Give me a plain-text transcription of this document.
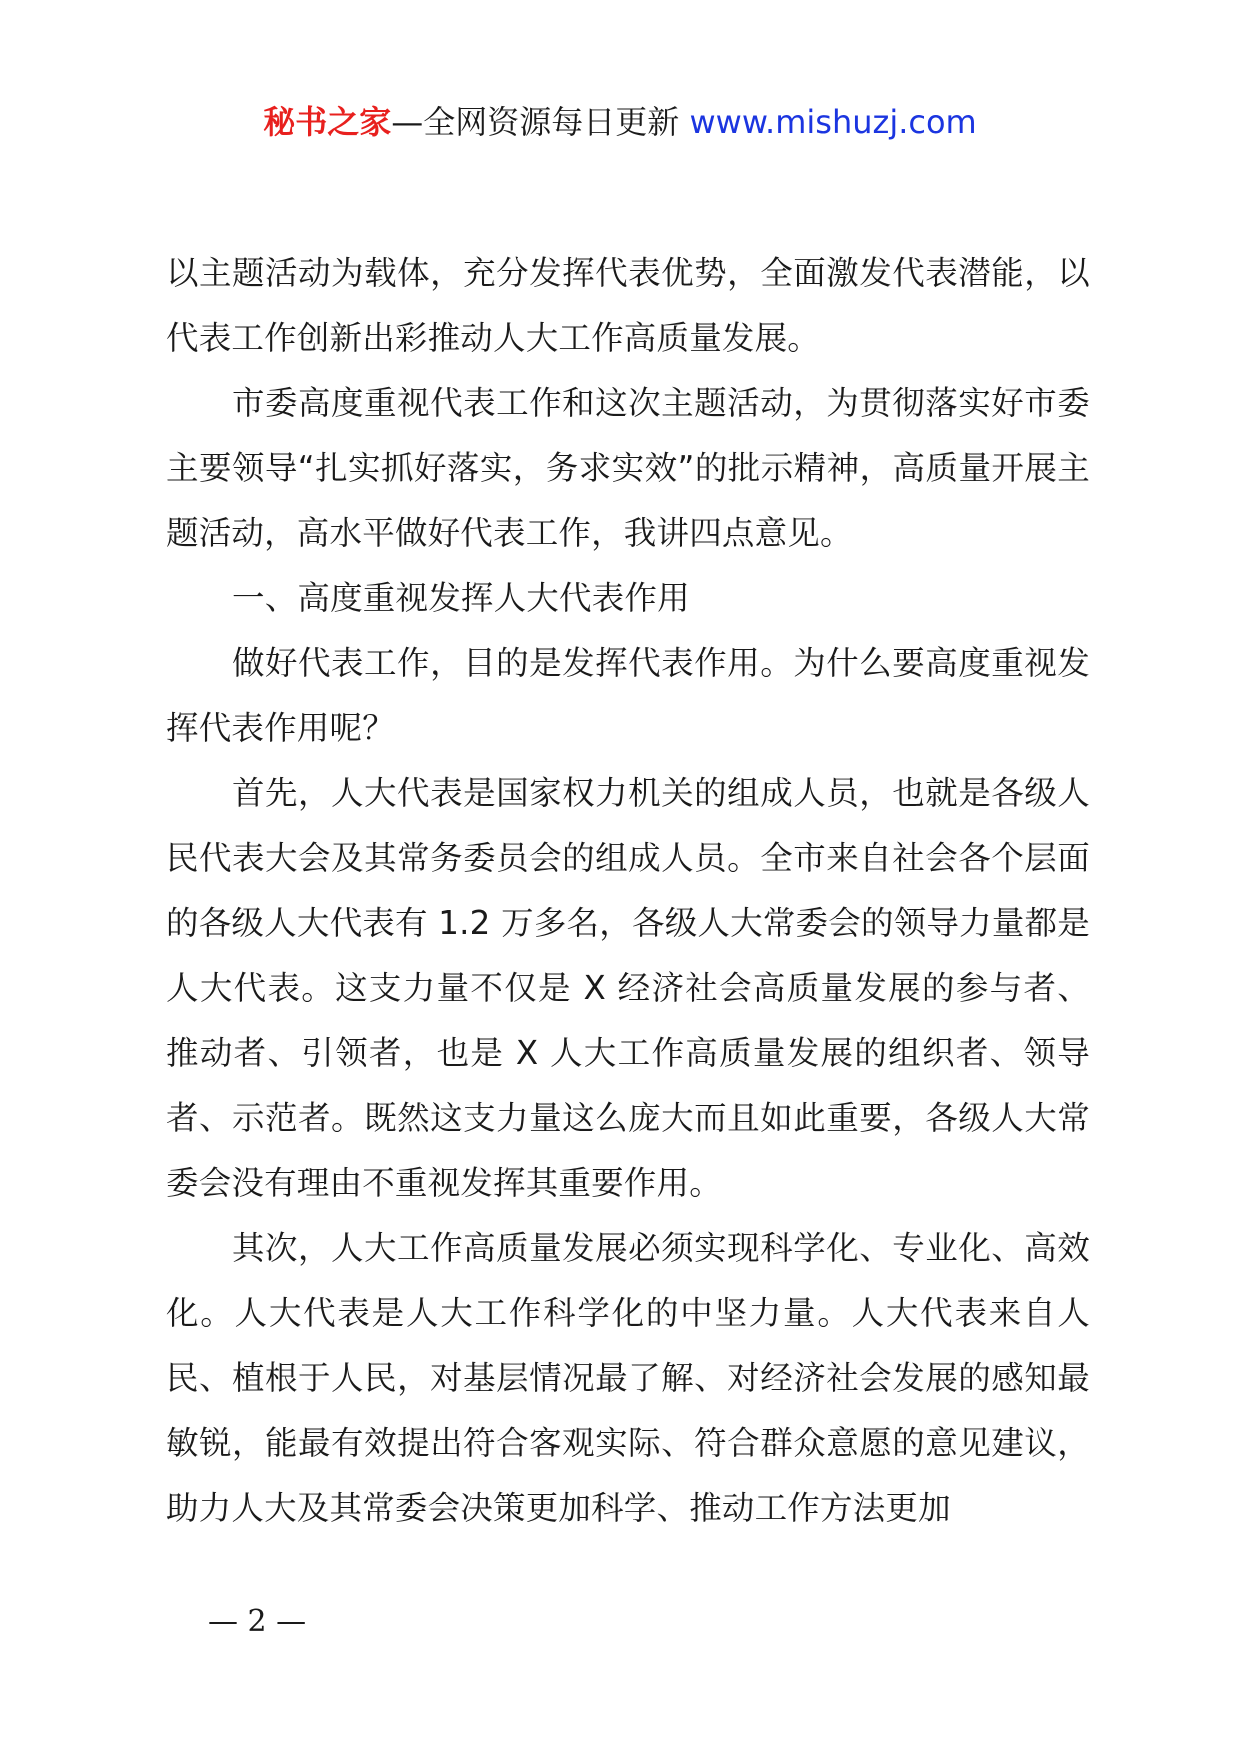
秘书之家—全网资源每日更新 www.mishuzj.com

以主题活动为载体，充分发挥代表优势，全面激发代表潜能，以代表工作创新出彩推动人大工作高质量发展。

市委高度重视代表工作和这次主题活动，为贯彻落实好市委主要领导“扎实抓好落实，务求实效”的批示精神，高质量开展主题活动，高水平做好代表工作，我讲四点意见。

一、高度重视发挥人大代表作用

做好代表工作，目的是发挥代表作用。为什么要高度重视发挥代表作用呢？

首先，人大代表是国家权力机关的组成人员，也就是各级人民代表大会及其常务委员会的组成人员。全市来自社会各个层面的各级人大代表有 1.2 万多名，各级人大常委会的领导力量都是人大代表。这支力量不仅是 X 经济社会高质量发展的参与者、推动者、引领者，也是 X 人大工作高质量发展的组织者、领导者、示范者。既然这支力量这么庞大而且如此重要，各级人大常委会没有理由不重视发挥其重要作用。

其次，人大工作高质量发展必须实现科学化、专业化、高效化。人大代表是人大工作科学化的中坚力量。人大代表来自人民、植根于人民，对基层情况最了解、对经济社会发展的感知最敏锐，能最有效提出符合客观实际、符合群众意愿的意见建议，助力人大及其常委会决策更加科学、推动工作方法更加

— 2 —
